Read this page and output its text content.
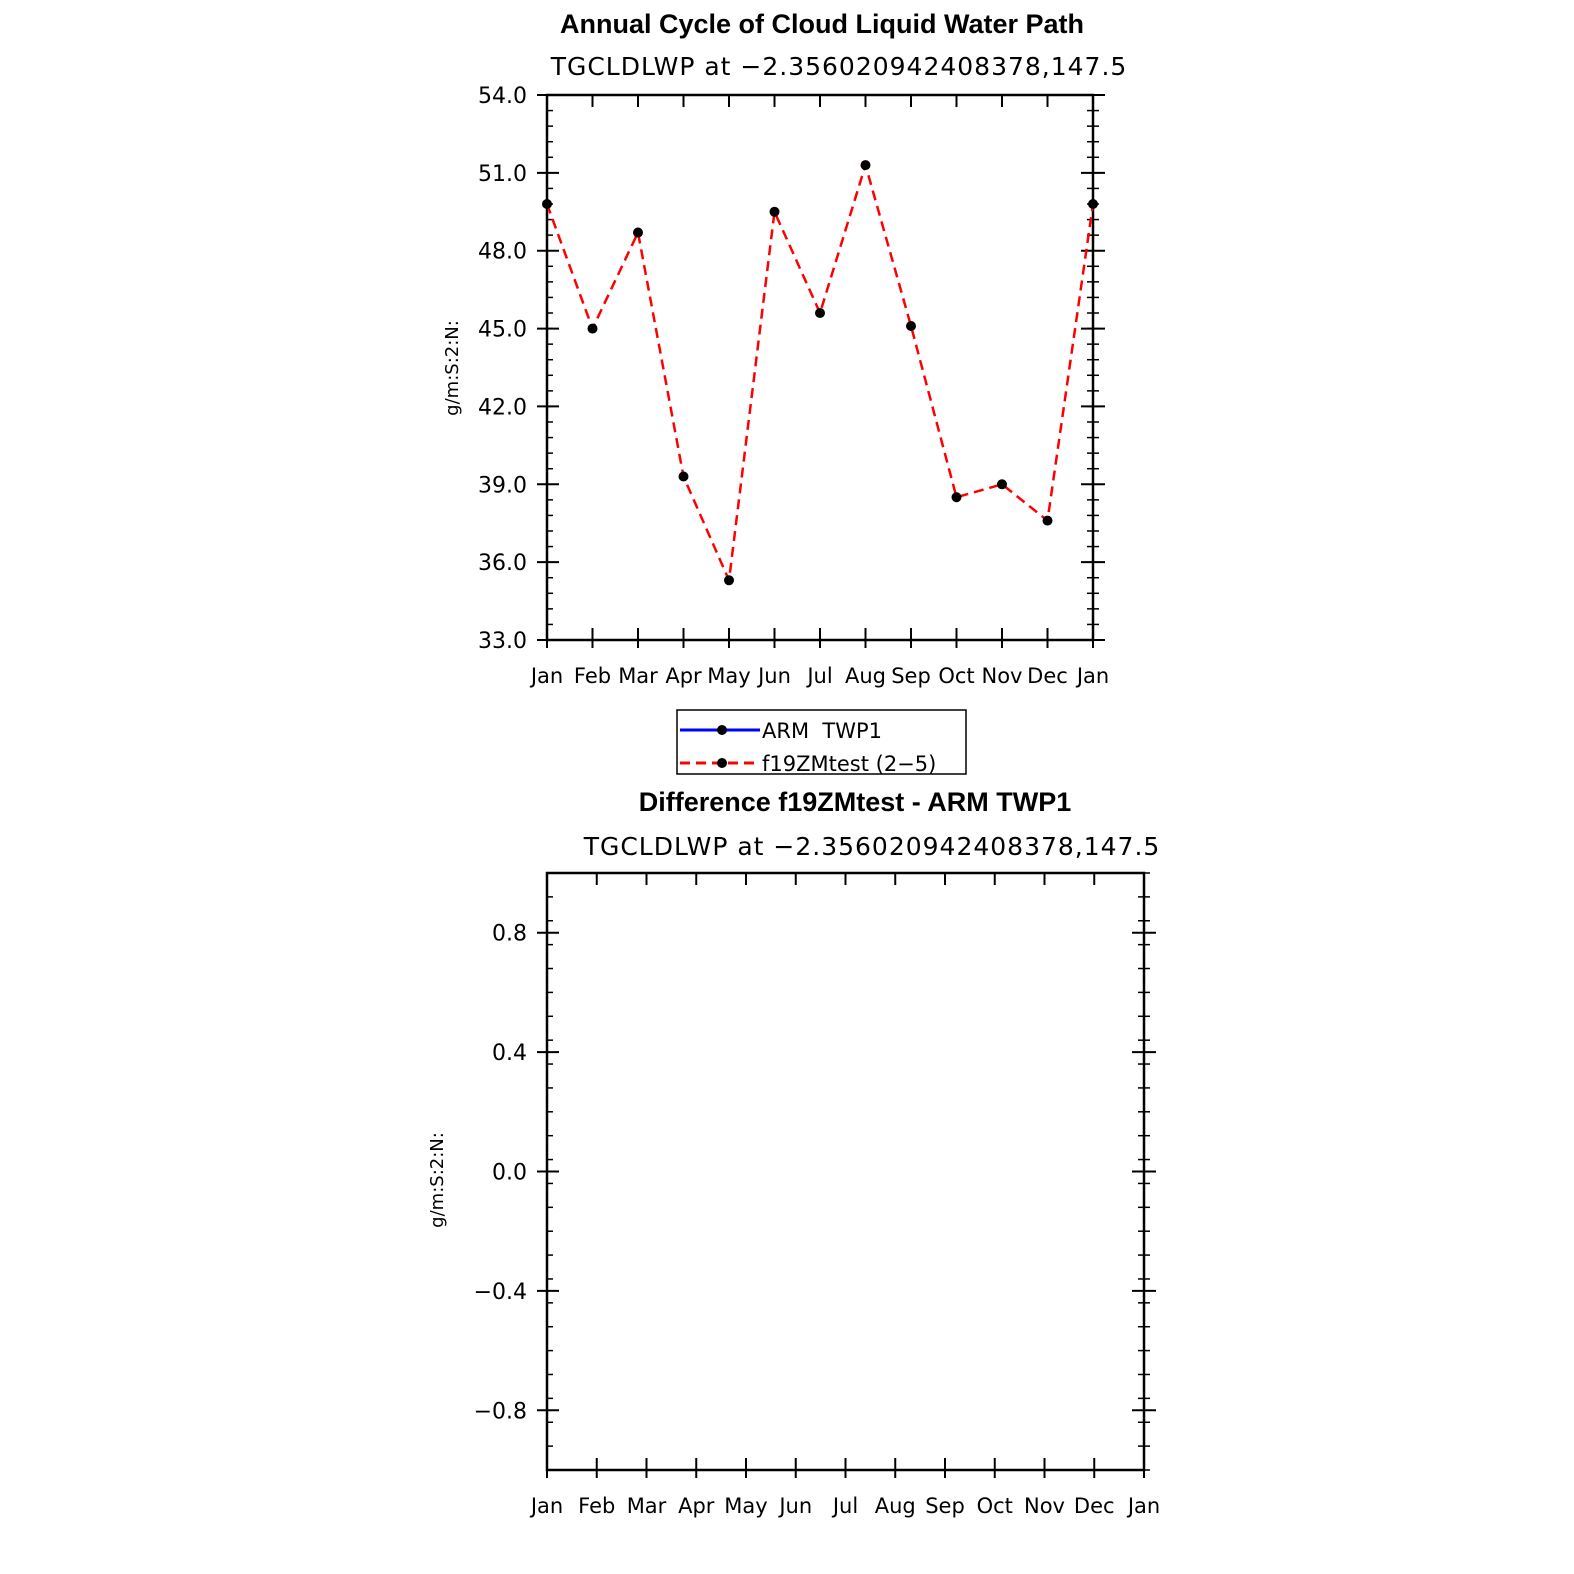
Annual Cycle of Cloud Liquid Water Path
TGCLDLWP at −2.356020942408378,147.5
g/m:S:2:N:
Jan Feb Mar Apr May Jun Jul Aug Sep Oct Nov Dec Jan
33.0
36.0
39.0
42.0
45.0
48.0
51.0
54.0
ARM  TWP1
f19ZMtest (2−5)
Difference f19ZMtest - ARM TWP1
TGCLDLWP at −2.356020942408378,147.5
g/m:S:2:N:
Jan Feb Mar Apr May Jun Jul Aug Sep Oct Nov Dec Jan
−0.8
−0.4
0.0
0.4
0.8
